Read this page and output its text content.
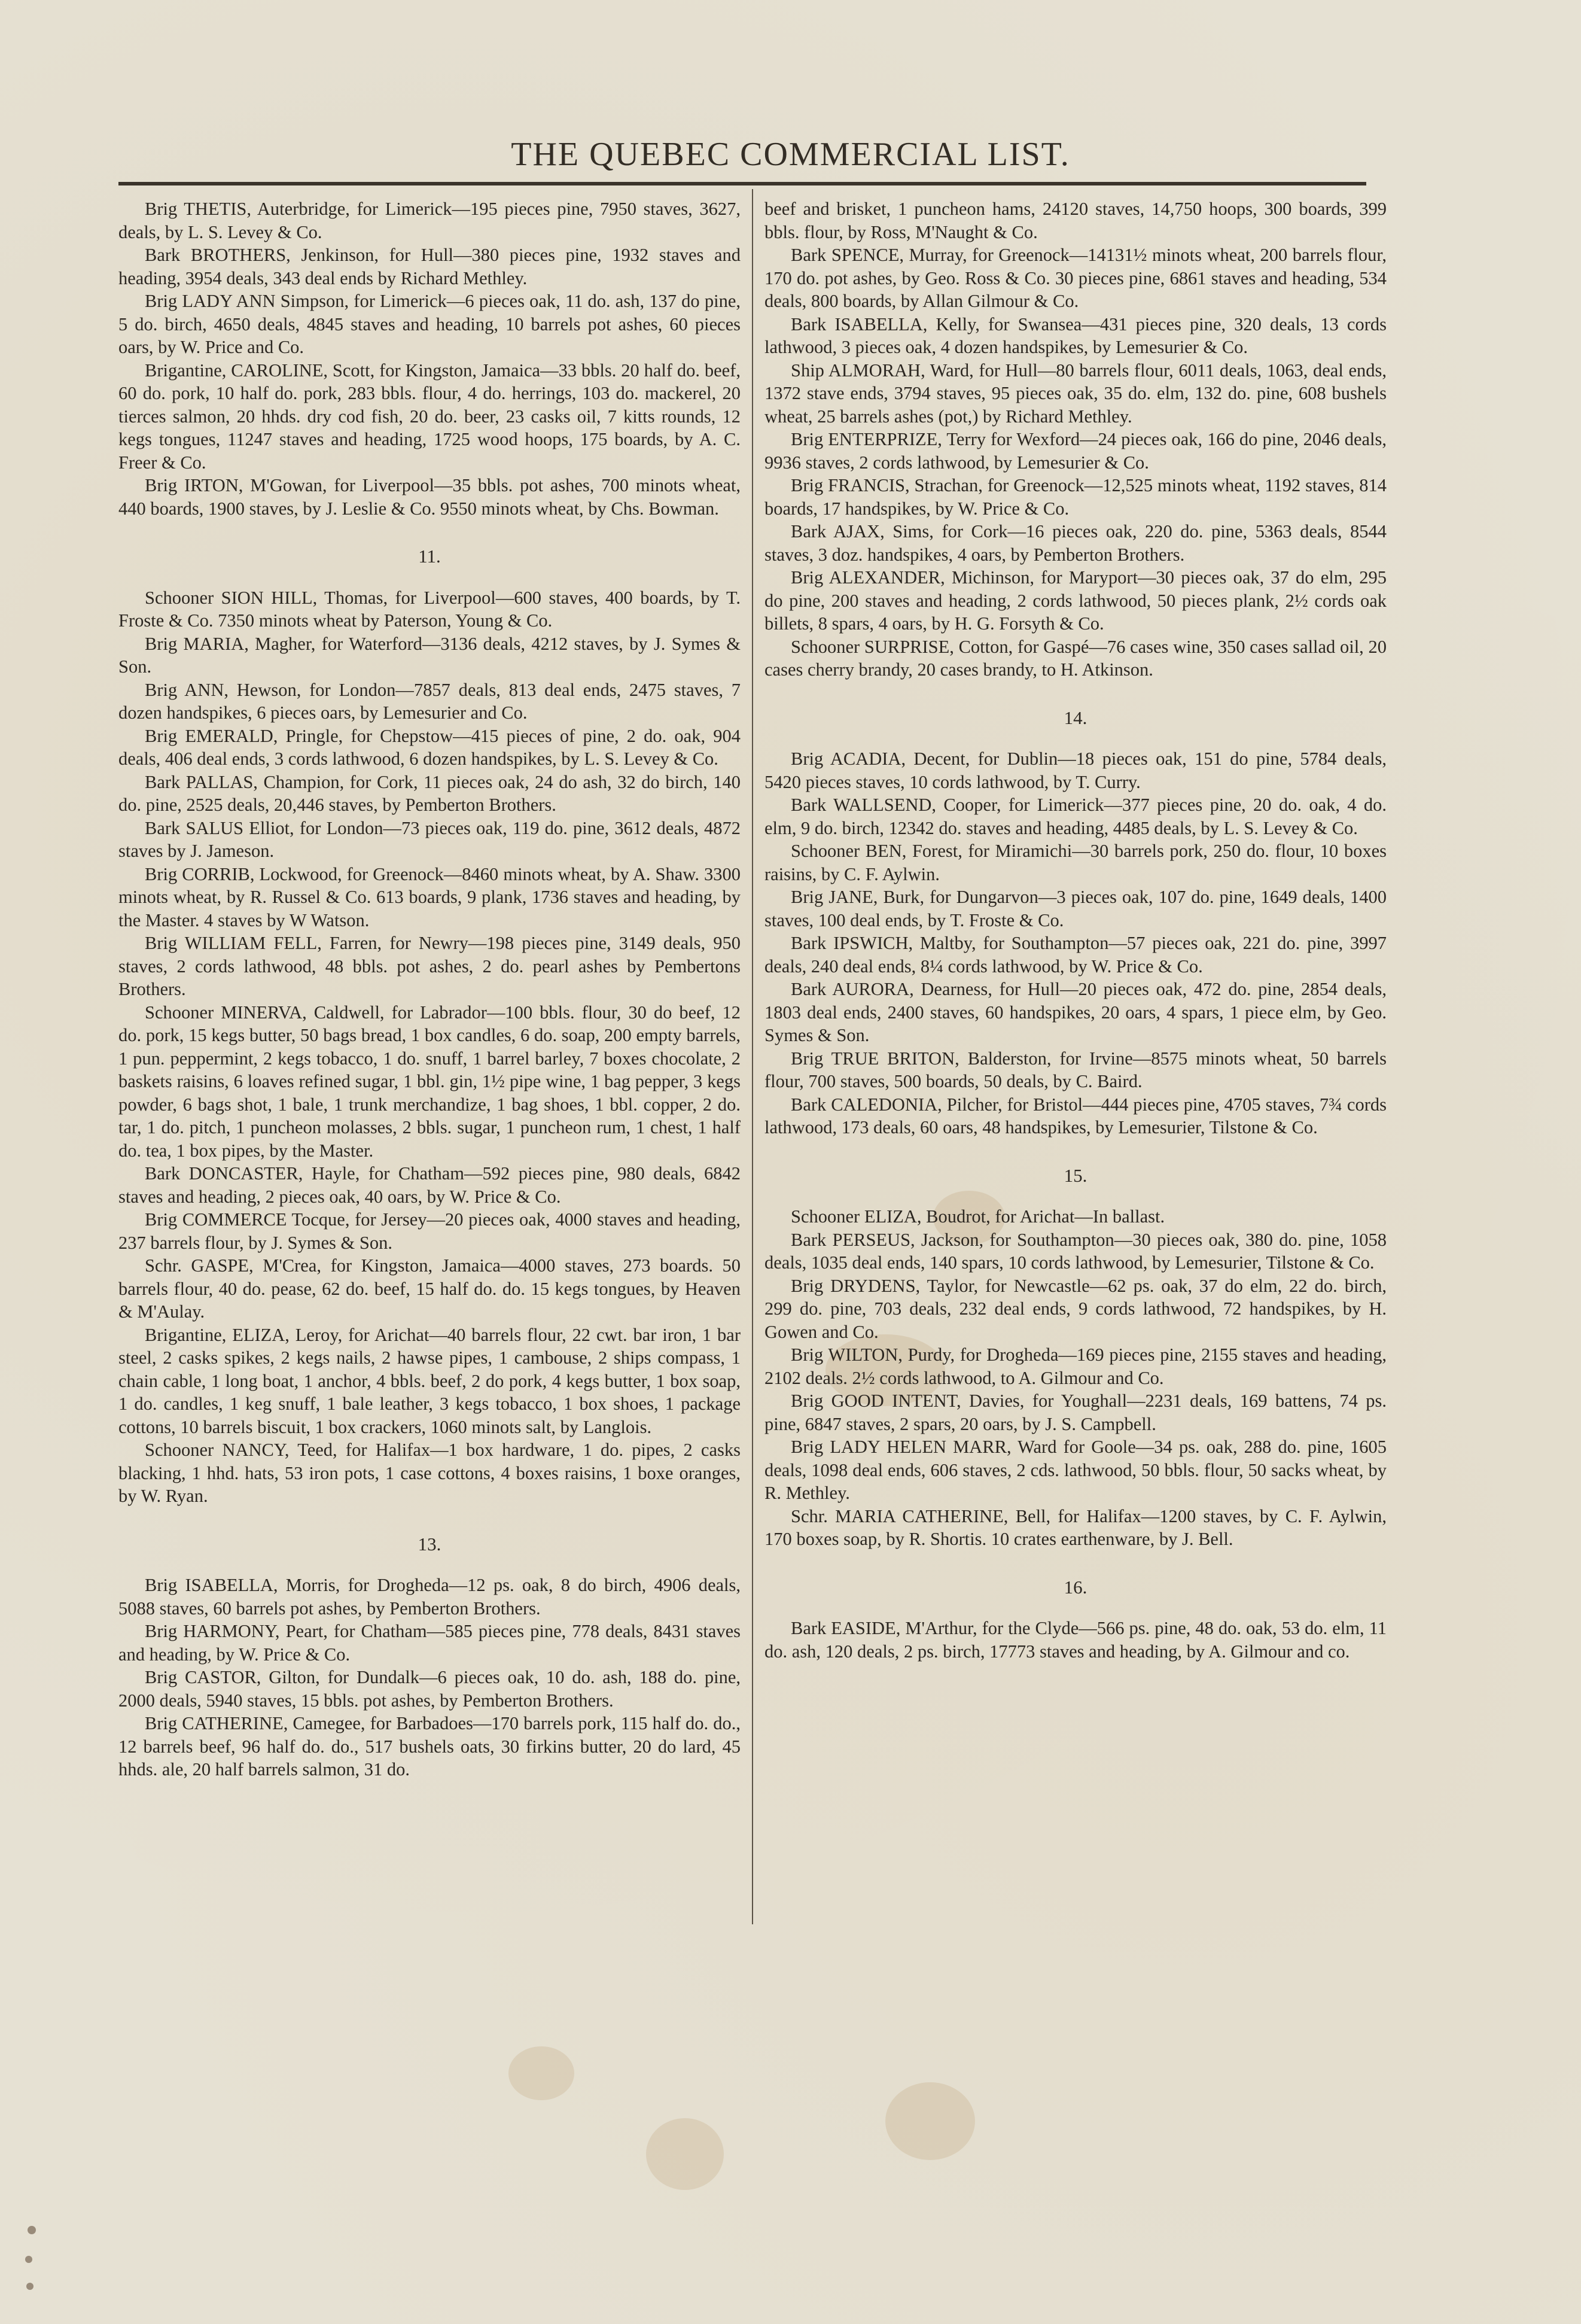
THE QUEBEC COMMERCIAL LIST.

Brig THETIS, Auterbridge, for Limerick—195 pieces pine, 7950 staves, 3627, deals, by L. S. Levey & Co.

Bark BROTHERS, Jenkinson, for Hull—380 pieces pine, 1932 staves and heading, 3954 deals, 343 deal ends by Richard Methley.

Brig LADY ANN Simpson, for Limerick—6 pieces oak, 11 do. ash, 137 do pine, 5 do. birch, 4650 deals, 4845 staves and heading, 10 barrels pot ashes, 60 pieces oars, by W. Price and Co.

Brigantine, CAROLINE, Scott, for Kingston, Jamaica—33 bbls. 20 half do. beef, 60 do. pork, 10 half do. pork, 283 bbls. flour, 4 do. herrings, 103 do. mackerel, 20 tierces salmon, 20 hhds. dry cod fish, 20 do. beer, 23 casks oil, 7 kitts rounds, 12 kegs tongues, 11247 staves and heading, 1725 wood hoops, 175 boards, by A. C. Freer & Co.

Brig IRTON, M'Gowan, for Liverpool—35 bbls. pot ashes, 700 minots wheat, 440 boards, 1900 staves, by J. Leslie & Co. 9550 minots wheat, by Chs. Bowman.

11.

Schooner SION HILL, Thomas, for Liverpool—600 staves, 400 boards, by T. Froste & Co. 7350 minots wheat by Paterson, Young & Co.

Brig MARIA, Magher, for Waterford—3136 deals, 4212 staves, by J. Symes & Son.

Brig ANN, Hewson, for London—7857 deals, 813 deal ends, 2475 staves, 7 dozen handspikes, 6 pieces oars, by Lemesurier and Co.

Brig EMERALD, Pringle, for Chepstow—415 pieces of pine, 2 do. oak, 904 deals, 406 deal ends, 3 cords lathwood, 6 dozen handspikes, by L. S. Levey & Co.

Bark PALLAS, Champion, for Cork, 11 pieces oak, 24 do ash, 32 do birch, 140 do. pine, 2525 deals, 20,446 staves, by Pemberton Brothers.

Bark SALUS Elliot, for London—73 pieces oak, 119 do. pine, 3612 deals, 4872 staves by J. Jameson.

Brig CORRIB, Lockwood, for Greenock—8460 minots wheat, by A. Shaw. 3300 minots wheat, by R. Russel & Co. 613 boards, 9 plank, 1736 staves and heading, by the Master. 4 staves by W Watson.

Brig WILLIAM FELL, Farren, for Newry—198 pieces pine, 3149 deals, 950 staves, 2 cords lathwood, 48 bbls. pot ashes, 2 do. pearl ashes by Pembertons Brothers.

Schooner MINERVA, Caldwell, for Labrador—100 bbls. flour, 30 do beef, 12 do. pork, 15 kegs butter, 50 bags bread, 1 box candles, 6 do. soap, 200 empty barrels, 1 pun. peppermint, 2 kegs tobacco, 1 do. snuff, 1 barrel barley, 7 boxes chocolate, 2 baskets raisins, 6 loaves refined sugar, 1 bbl. gin, 1½ pipe wine, 1 bag pepper, 3 kegs powder, 6 bags shot, 1 bale, 1 trunk merchandize, 1 bag shoes, 1 bbl. copper, 2 do. tar, 1 do. pitch, 1 puncheon molasses, 2 bbls. sugar, 1 puncheon rum, 1 chest, 1 half do. tea, 1 box pipes, by the Master.

Bark DONCASTER, Hayle, for Chatham—592 pieces pine, 980 deals, 6842 staves and heading, 2 pieces oak, 40 oars, by W. Price & Co.

Brig COMMERCE Tocque, for Jersey—20 pieces oak, 4000 staves and heading, 237 barrels flour, by J. Symes & Son.

Schr. GASPE, M'Crea, for Kingston, Jamaica—4000 staves, 273 boards. 50 barrels flour, 40 do. pease, 62 do. beef, 15 half do. do. 15 kegs tongues, by Heaven & M'Aulay.

Brigantine, ELIZA, Leroy, for Arichat—40 barrels flour, 22 cwt. bar iron, 1 bar steel, 2 casks spikes, 2 kegs nails, 2 hawse pipes, 1 cambouse, 2 ships compass, 1 chain cable, 1 long boat, 1 anchor, 4 bbls. beef, 2 do pork, 4 kegs butter, 1 box soap, 1 do. candles, 1 keg snuff, 1 bale leather, 3 kegs tobacco, 1 box shoes, 1 package cottons, 10 barrels biscuit, 1 box crackers, 1060 minots salt, by Langlois.

Schooner NANCY, Teed, for Halifax—1 box hardware, 1 do. pipes, 2 casks blacking, 1 hhd. hats, 53 iron pots, 1 case cottons, 4 boxes raisins, 1 boxe oranges, by W. Ryan.

13.

Brig ISABELLA, Morris, for Drogheda—12 ps. oak, 8 do birch, 4906 deals, 5088 staves, 60 barrels pot ashes, by Pemberton Brothers.

Brig HARMONY, Peart, for Chatham—585 pieces pine, 778 deals, 8431 staves and heading, by W. Price & Co.

Brig CASTOR, Gilton, for Dundalk—6 pieces oak, 10 do. ash, 188 do. pine, 2000 deals, 5940 staves, 15 bbls. pot ashes, by Pemberton Brothers.

Brig CATHERINE, Camegee, for Barbadoes—170 barrels pork, 115 half do. do., 12 barrels beef, 96 half do. do., 517 bushels oats, 30 firkins butter, 20 do lard, 45 hhds. ale, 20 half barrels salmon, 31 do.

beef and brisket, 1 puncheon hams, 24120 staves, 14,750 hoops, 300 boards, 399 bbls. flour, by Ross, M'Naught & Co.

Bark SPENCE, Murray, for Greenock—14131½ minots wheat, 200 barrels flour, 170 do. pot ashes, by Geo. Ross & Co. 30 pieces pine, 6861 staves and heading, 534 deals, 800 boards, by Allan Gilmour & Co.

Bark ISABELLA, Kelly, for Swansea—431 pieces pine, 320 deals, 13 cords lathwood, 3 pieces oak, 4 dozen handspikes, by Lemesurier & Co.

Ship ALMORAH, Ward, for Hull—80 barrels flour, 6011 deals, 1063, deal ends, 1372 stave ends, 3794 staves, 95 pieces oak, 35 do. elm, 132 do. pine, 608 bushels wheat, 25 barrels ashes (pot,) by Richard Methley.

Brig ENTERPRIZE, Terry for Wexford—24 pieces oak, 166 do pine, 2046 deals, 9936 staves, 2 cords lathwood, by Lemesurier & Co.

Brig FRANCIS, Strachan, for Greenock—12,525 minots wheat, 1192 staves, 814 boards, 17 handspikes, by W. Price & Co.

Bark AJAX, Sims, for Cork—16 pieces oak, 220 do. pine, 5363 deals, 8544 staves, 3 doz. handspikes, 4 oars, by Pemberton Brothers.

Brig ALEXANDER, Michinson, for Maryport—30 pieces oak, 37 do elm, 295 do pine, 200 staves and heading, 2 cords lathwood, 50 pieces plank, 2½ cords oak billets, 8 spars, 4 oars, by H. G. Forsyth & Co.

Schooner SURPRISE, Cotton, for Gaspé—76 cases wine, 350 cases sallad oil, 20 cases cherry brandy, 20 cases brandy, to H. Atkinson.

14.

Brig ACADIA, Decent, for Dublin—18 pieces oak, 151 do pine, 5784 deals, 5420 pieces staves, 10 cords lathwood, by T. Curry.

Bark WALLSEND, Cooper, for Limerick—377 pieces pine, 20 do. oak, 4 do. elm, 9 do. birch, 12342 do. staves and heading, 4485 deals, by L. S. Levey & Co.

Schooner BEN, Forest, for Miramichi—30 barrels pork, 250 do. flour, 10 boxes raisins, by C. F. Aylwin.

Brig JANE, Burk, for Dungarvon—3 pieces oak, 107 do. pine, 1649 deals, 1400 staves, 100 deal ends, by T. Froste & Co.

Bark IPSWICH, Maltby, for Southampton—57 pieces oak, 221 do. pine, 3997 deals, 240 deal ends, 8¼ cords lathwood, by W. Price & Co.

Bark AURORA, Dearness, for Hull—20 pieces oak, 472 do. pine, 2854 deals, 1803 deal ends, 2400 staves, 60 handspikes, 20 oars, 4 spars, 1 piece elm, by Geo. Symes & Son.

Brig TRUE BRITON, Balderston, for Irvine—8575 minots wheat, 50 barrels flour, 700 staves, 500 boards, 50 deals, by C. Baird.

Bark CALEDONIA, Pilcher, for Bristol—444 pieces pine, 4705 staves, 7¾ cords lathwood, 173 deals, 60 oars, 48 handspikes, by Lemesurier, Tilstone & Co.

15.

Schooner ELIZA, Boudrot, for Arichat—In ballast.

Bark PERSEUS, Jackson, for Southampton—30 pieces oak, 380 do. pine, 1058 deals, 1035 deal ends, 140 spars, 10 cords lathwood, by Lemesurier, Tilstone & Co.

Brig DRYDENS, Taylor, for Newcastle—62 ps. oak, 37 do elm, 22 do. birch, 299 do. pine, 703 deals, 232 deal ends, 9 cords lathwood, 72 handspikes, by H. Gowen and Co.

Brig WILTON, Purdy, for Drogheda—169 pieces pine, 2155 staves and heading, 2102 deals. 2½ cords lathwood, to A. Gilmour and Co.

Brig GOOD INTENT, Davies, for Youghall—2231 deals, 169 battens, 74 ps. pine, 6847 staves, 2 spars, 20 oars, by J. S. Campbell.

Brig LADY HELEN MARR, Ward for Goole—34 ps. oak, 288 do. pine, 1605 deals, 1098 deal ends, 606 staves, 2 cds. lathwood, 50 bbls. flour, 50 sacks wheat, by R. Methley.

Schr. MARIA CATHERINE, Bell, for Halifax—1200 staves, by C. F. Aylwin, 170 boxes soap, by R. Shortis. 10 crates earthenware, by J. Bell.

16.

Bark EASIDE, M'Arthur, for the Clyde—566 ps. pine, 48 do. oak, 53 do. elm, 11 do. ash, 120 deals, 2 ps. birch, 17773 staves and heading, by A. Gilmour and co.
